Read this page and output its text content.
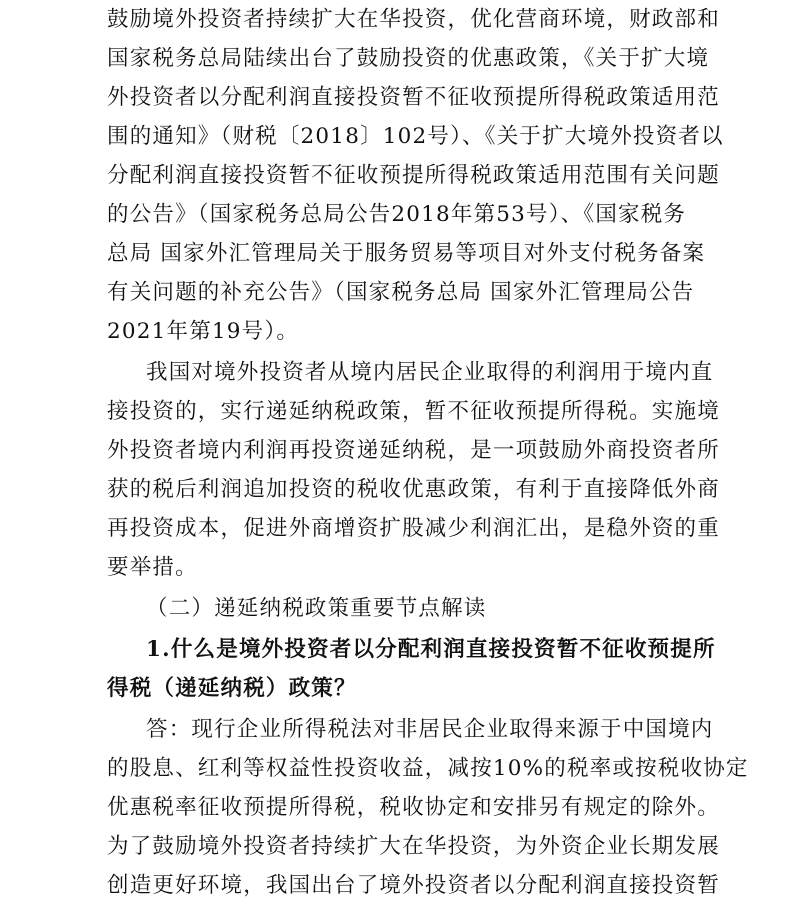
鼓励境外投资者持续扩大在华投资，优化营商环境，财政部和
国家税务总局陆续出台了鼓励投资的优惠政策，《关于扩大境
外投资者以分配利润直接投资暂不征收预提所得税政策适用范
围的通知》（财税〔2018〕102号）、《关于扩大境外投资者以
分配利润直接投资暂不征收预提所得税政策适用范围有关问题
的公告》（国家税务总局公告2018年第53号）、《国家税务
总局 国家外汇管理局关于服务贸易等项目对外支付税务备案
有关问题的补充公告》（国家税务总局 国家外汇管理局公告
2021年第19号）。
我国对境外投资者从境内居民企业取得的利润用于境内直
接投资的，实行递延纳税政策，暂不征收预提所得税。实施境
外投资者境内利润再投资递延纳税，是一项鼓励外商投资者所
获的税后利润追加投资的税收优惠政策，有利于直接降低外商
再投资成本，促进外商增资扩股减少利润汇出，是稳外资的重
要举措。
（二）递延纳税政策重要节点解读
1.什么是境外投资者以分配利润直接投资暂不征收预提所
得税（递延纳税）政策？
答：现行企业所得税法对非居民企业取得来源于中国境内
的股息、红利等权益性投资收益，减按10%的税率或按税收协定
优惠税率征收预提所得税，税收协定和安排另有规定的除外。
为了鼓励境外投资者持续扩大在华投资，为外资企业长期发展
创造更好环境，我国出台了境外投资者以分配利润直接投资暂
